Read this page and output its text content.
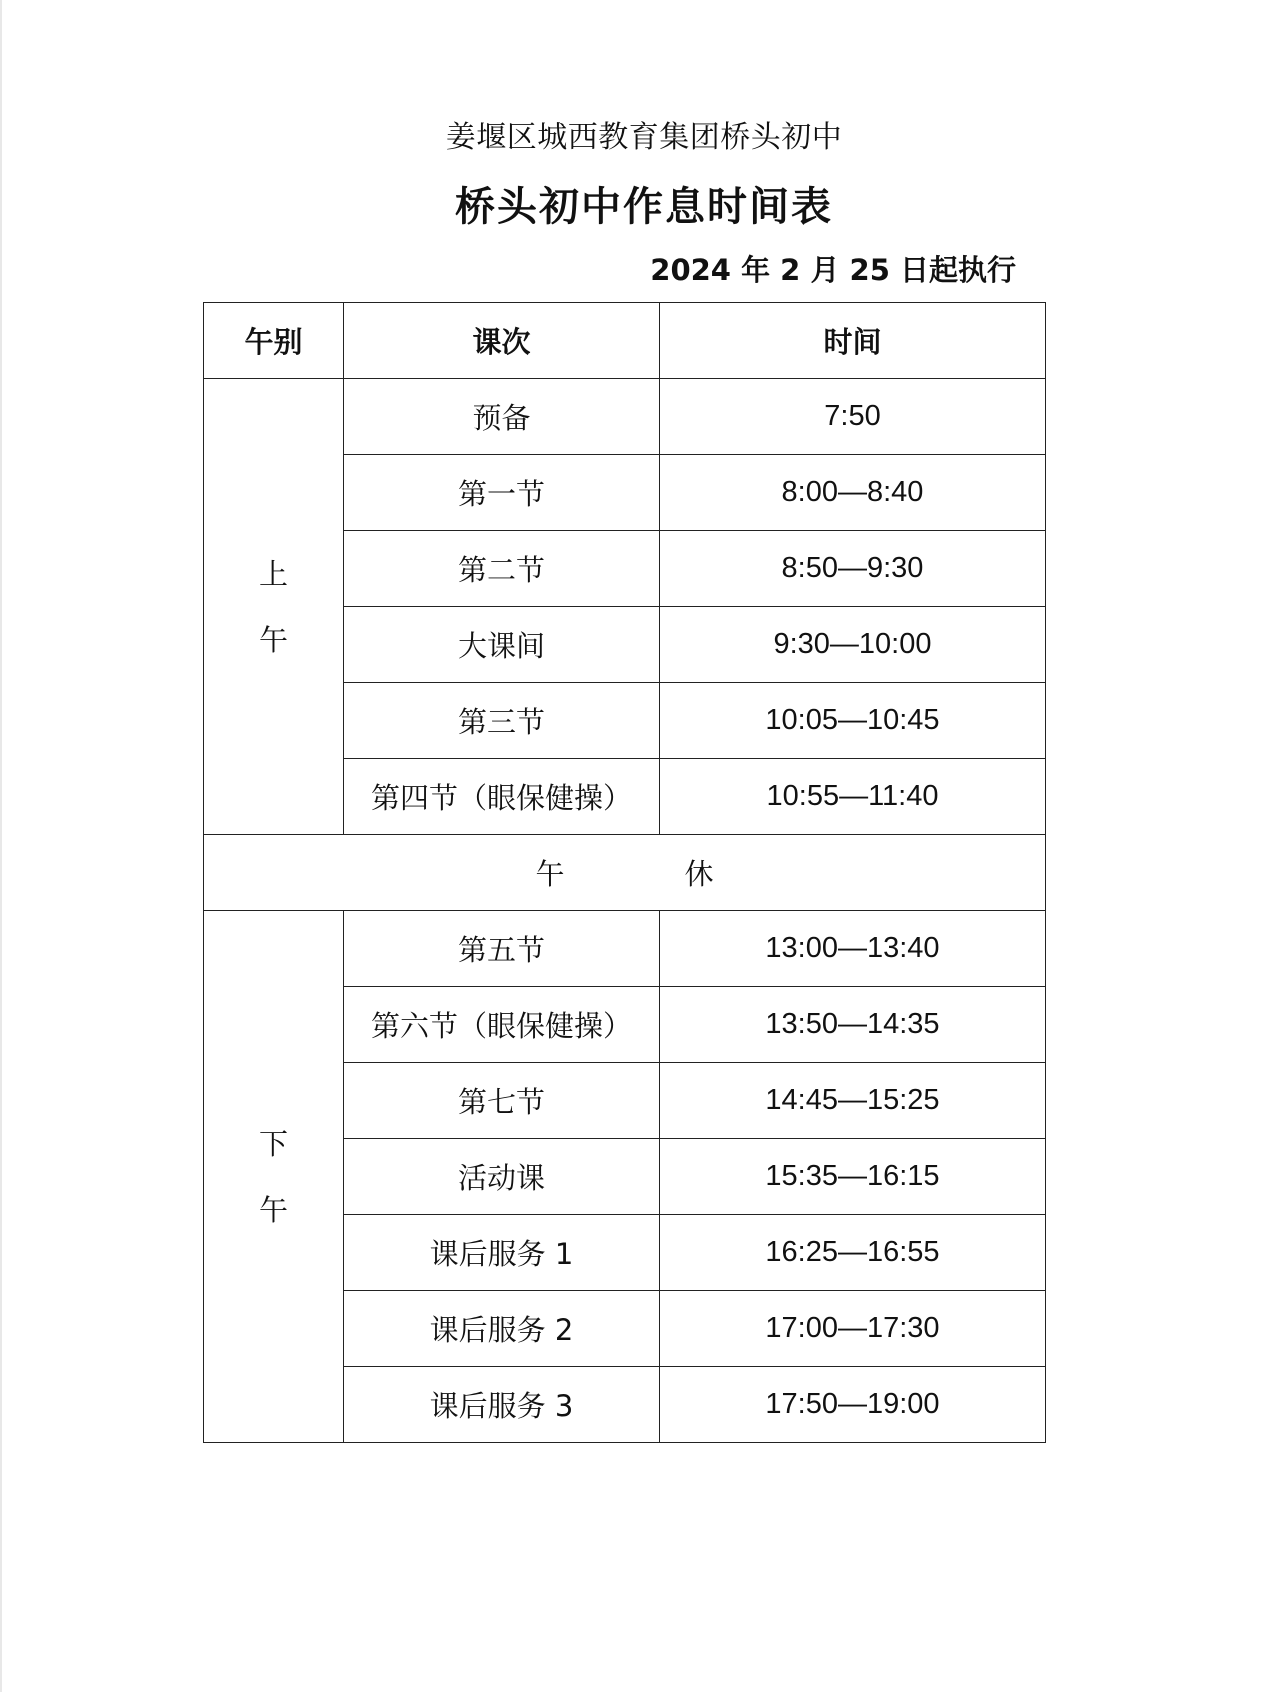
姜堰区城西教育集团桥头初中
桥头初中作息时间表
2024 年 2 月 25 日起执行
午别	课次	时间

上
午	预备	7:50
	第一节	8:00—8:40
	第二节	8:50—9:30
	大课间	9:30—10:00
	第三节	10:05—10:45
	第四节（眼保健操）	10:55—11:40
午 休		

下
午	第五节	13:00—13:40
	第六节（眼保健操）	13:50—14:35
	第七节	14:45—15:25
	活动课	15:35—16:15
	课后服务 1	16:25—16:55
	课后服务 2	17:00—17:30
	课后服务 3	17:50—19:00
